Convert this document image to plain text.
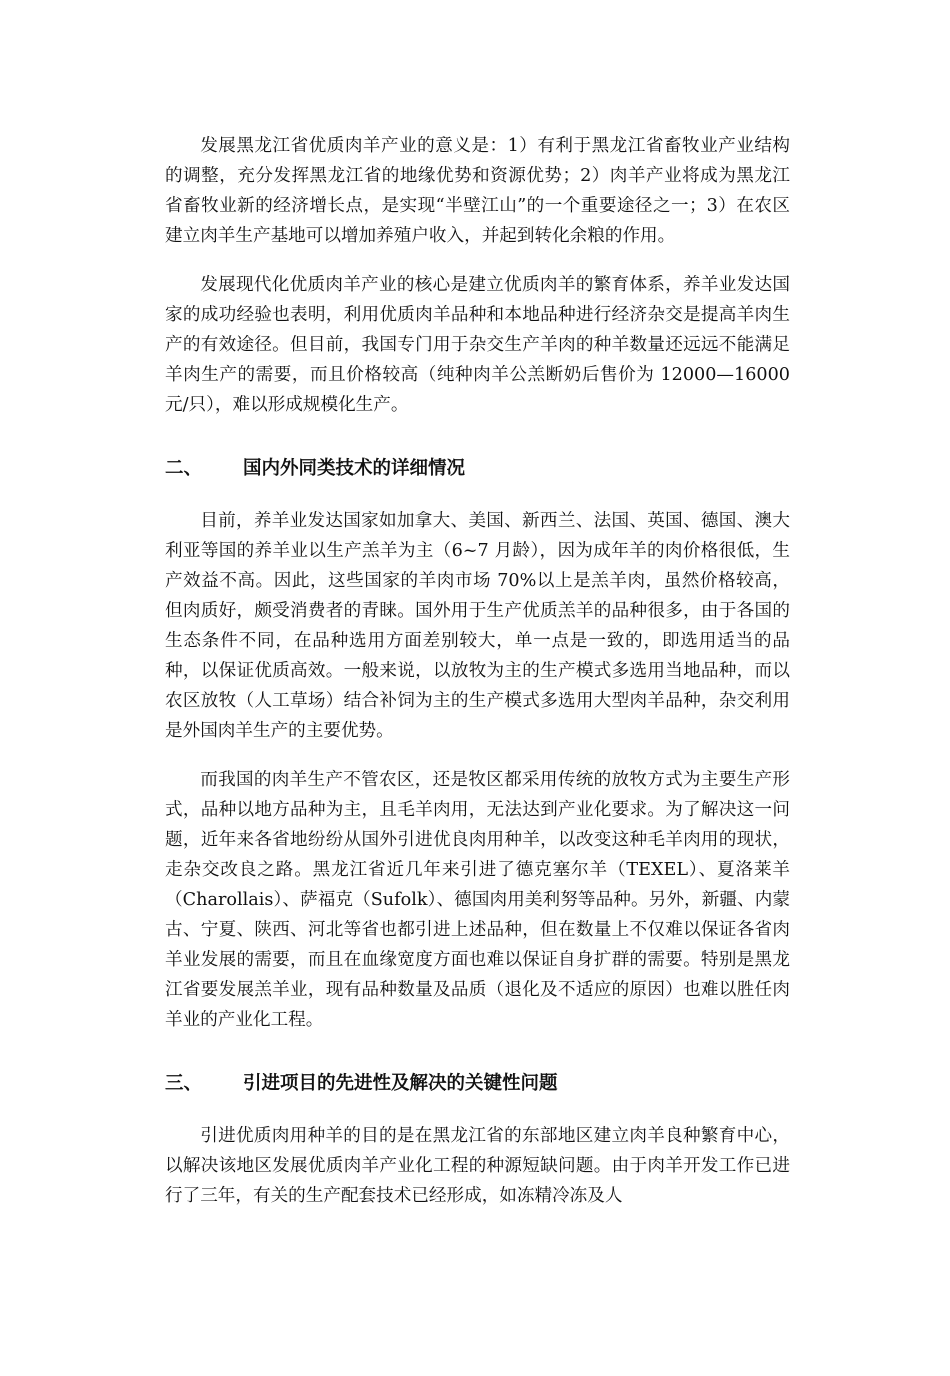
发展黑龙江省优质肉羊产业的意义是：1）有利于黑龙江省畜牧业产业结构的调整，充分发挥黑龙江省的地缘优势和资源优势；2）肉羊产业将成为黑龙江省畜牧业新的经济增长点，是实现“半壁江山”的一个重要途径之一；3）在农区建立肉羊生产基地可以增加养殖户收入，并起到转化余粮的作用。

发展现代化优质肉羊产业的核心是建立优质肉羊的繁育体系，养羊业发达国家的成功经验也表明，利用优质肉羊品种和本地品种进行经济杂交是提高羊肉生产的有效途径。但目前，我国专门用于杂交生产羊肉的种羊数量还远远不能满足羊肉生产的需要，而且价格较高（纯种肉羊公羔断奶后售价为 12000—16000 元/只），难以形成规模化生产。

二、	国内外同类技术的详细情况

目前，养羊业发达国家如加拿大、美国、新西兰、法国、英国、德国、澳大利亚等国的养羊业以生产羔羊为主（6~7 月龄），因为成年羊的肉价格很低，生产效益不高。因此，这些国家的羊肉市场 70%以上是羔羊肉，虽然价格较高，但肉质好，颇受消费者的青睐。国外用于生产优质羔羊的品种很多，由于各国的生态条件不同，在品种选用方面差别较大，单一点是一致的，即选用适当的品种，以保证优质高效。一般来说，以放牧为主的生产模式多选用当地品种，而以农区放牧（人工草场）结合补饲为主的生产模式多选用大型肉羊品种，杂交利用是外国肉羊生产的主要优势。

而我国的肉羊生产不管农区，还是牧区都采用传统的放牧方式为主要生产形式，品种以地方品种为主，且毛羊肉用，无法达到产业化要求。为了解决这一问题，近年来各省地纷纷从国外引进优良肉用种羊，以改变这种毛羊肉用的现状，走杂交改良之路。黑龙江省近几年来引进了德克塞尔羊（TEXEL）、夏洛莱羊（Charollais）、萨福克（Sufolk）、德国肉用美利努等品种。另外，新疆、内蒙古、宁夏、陕西、河北等省也都引进上述品种，但在数量上不仅难以保证各省肉羊业发展的需要，而且在血缘宽度方面也难以保证自身扩群的需要。特别是黑龙江省要发展羔羊业，现有品种数量及品质（退化及不适应的原因）也难以胜任肉羊业的产业化工程。

三、	引进项目的先进性及解决的关键性问题

引进优质肉用种羊的目的是在黑龙江省的东部地区建立肉羊良种繁育中心，以解决该地区发展优质肉羊产业化工程的种源短缺问题。由于肉羊开发工作已进行了三年，有关的生产配套技术已经形成，如冻精冷冻及人
